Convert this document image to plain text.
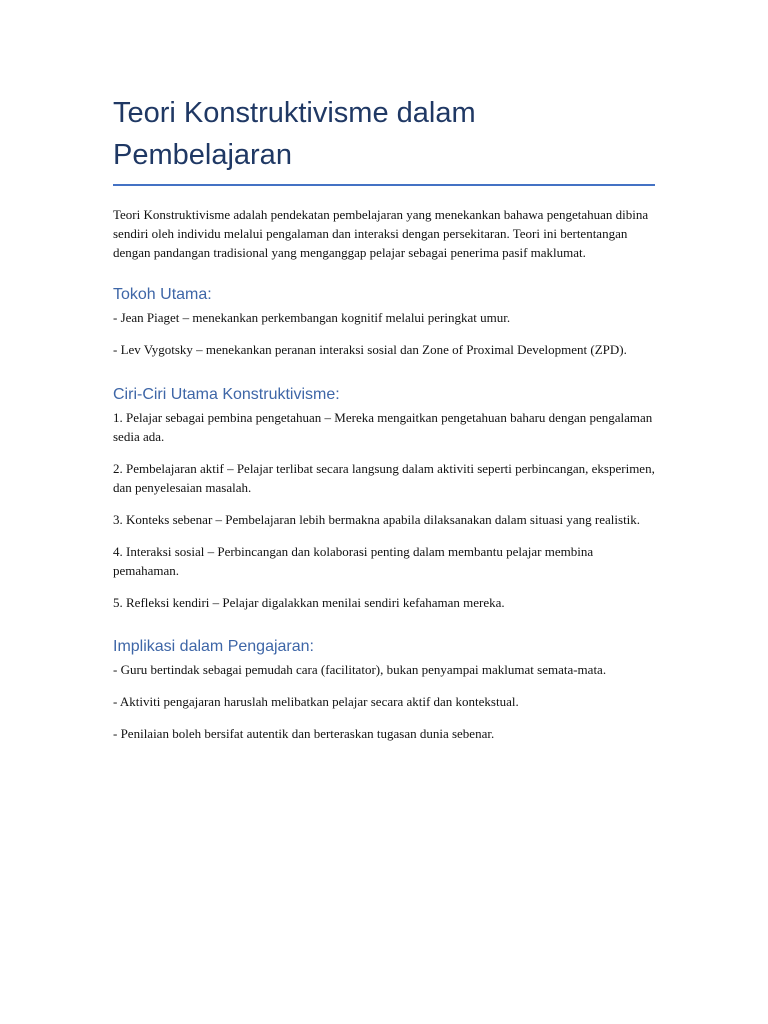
Teori Konstruktivisme dalam Pembelajaran

Teori Konstruktivisme adalah pendekatan pembelajaran yang menekankan bahawa pengetahuan dibina sendiri oleh individu melalui pengalaman dan interaksi dengan persekitaran. Teori ini bertentangan dengan pandangan tradisional yang menganggap pelajar sebagai penerima pasif maklumat.

Tokoh Utama:

- Jean Piaget – menekankan perkembangan kognitif melalui peringkat umur.

- Lev Vygotsky – menekankan peranan interaksi sosial dan Zone of Proximal Development (ZPD).

Ciri-Ciri Utama Konstruktivisme:

1. Pelajar sebagai pembina pengetahuan – Mereka mengaitkan pengetahuan baharu dengan pengalaman sedia ada.

2. Pembelajaran aktif – Pelajar terlibat secara langsung dalam aktiviti seperti perbincangan, eksperimen, dan penyelesaian masalah.

3. Konteks sebenar – Pembelajaran lebih bermakna apabila dilaksanakan dalam situasi yang realistik.

4. Interaksi sosial – Perbincangan dan kolaborasi penting dalam membantu pelajar membina pemahaman.

5. Refleksi kendiri – Pelajar digalakkan menilai sendiri kefahaman mereka.

Implikasi dalam Pengajaran:

- Guru bertindak sebagai pemudah cara (facilitator), bukan penyampai maklumat semata-mata.

- Aktiviti pengajaran haruslah melibatkan pelajar secara aktif dan kontekstual.

- Penilaian boleh bersifat autentik dan berteraskan tugasan dunia sebenar.
